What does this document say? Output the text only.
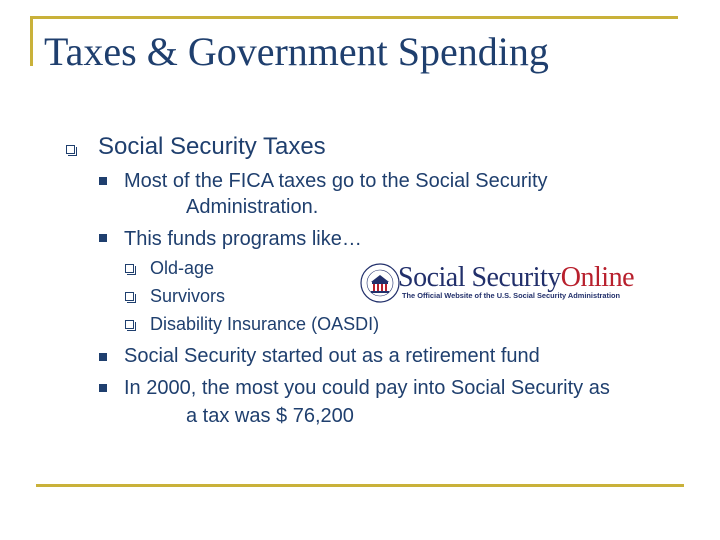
Taxes & Government Spending
Social Security Taxes
Most of the FICA taxes go to the Social Security
Administration.
This funds programs like…
Old-age
Survivors
Disability Insurance (OASDI)
Social Security started out as a retirement fund
In 2000, the most you could pay into Social Security as
a tax was $ 76,200
Social SecurityOnline
The Official Website of the U.S. Social Security Administration
